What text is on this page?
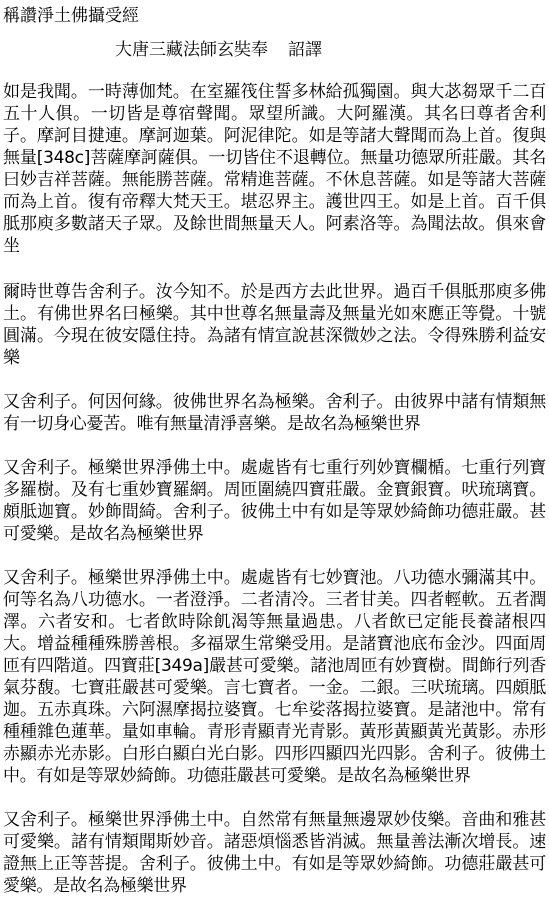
稱讚淨土佛攝受經

大唐三藏法師玄奘奉 詔譯

如是我聞。一時薄伽梵。在室羅筏住誓多林給孤獨園。與大苾芻眾千二百五十人俱。一切皆是尊宿聲聞。眾望所識。大阿羅漢。其名曰尊者舍利子。摩訶目揵連。摩訶迦葉。阿泥律陀。如是等諸大聲聞而為上首。復與無量[348c]菩薩摩訶薩俱。一切皆住不退轉位。無量功德眾所莊嚴。其名曰妙吉祥菩薩。無能勝菩薩。常精進菩薩。不休息菩薩。如是等諸大菩薩而為上首。復有帝釋大梵天王。堪忍界主。護世四王。如是上首。百千俱胝那庾多數諸天子眾。及餘世間無量天人。阿素洛等。為聞法故。俱來會坐

爾時世尊告舍利子。汝今知不。於是西方去此世界。過百千俱胝那庾多佛土。有佛世界名曰極樂。其中世尊名無量壽及無量光如來應正等覺。十號圓滿。今現在彼安隱住持。為諸有情宣說甚深微妙之法。令得殊勝利益安樂

又舍利子。何因何緣。彼佛世界名為極樂。舍利子。由彼界中諸有情類無有一切身心憂苦。唯有無量清淨喜樂。是故名為極樂世界

又舍利子。極樂世界淨佛土中。處處皆有七重行列妙寶欄楯。七重行列寶多羅樹。及有七重妙寶羅網。周匝圍繞四寶莊嚴。金寶銀寶。吠琉璃寶。頗胝迦寶。妙飾間綺。舍利子。彼佛土中有如是等眾妙綺飾功德莊嚴。甚可愛樂。是故名為極樂世界

又舍利子。極樂世界淨佛土中。處處皆有七妙寶池。八功德水彌滿其中。何等名為八功德水。一者澄淨。二者清冷。三者甘美。四者輕軟。五者潤澤。六者安和。七者飲時除飢渴等無量過患。八者飲已定能長養諸根四大。增益種種殊勝善根。多福眾生常樂受用。是諸寶池底布金沙。四面周匝有四階道。四寶莊[349a]嚴甚可愛樂。諸池周匝有妙寶樹。間飾行列香氣芬馥。七寶莊嚴甚可愛樂。言七寶者。一金。二銀。三吠琉璃。四頗胝迦。五赤真珠。六阿濕摩揭拉婆寶。七牟娑落揭拉婆寶。是諸池中。常有種種雜色蓮華。量如車輪。青形青顯青光青影。黃形黃顯黃光黃影。赤形赤顯赤光赤影。白形白顯白光白影。四形四顯四光四影。舍利子。彼佛土中。有如是等眾妙綺飾。功德莊嚴甚可愛樂。是故名為極樂世界

又舍利子。極樂世界淨佛土中。自然常有無量無邊眾妙伎樂。音曲和雅甚可愛樂。諸有情類聞斯妙音。諸惡煩惱悉皆消滅。無量善法漸次增長。速證無上正等菩提。舍利子。彼佛土中。有如是等眾妙綺飾。功德莊嚴甚可愛樂。是故名為極樂世界
